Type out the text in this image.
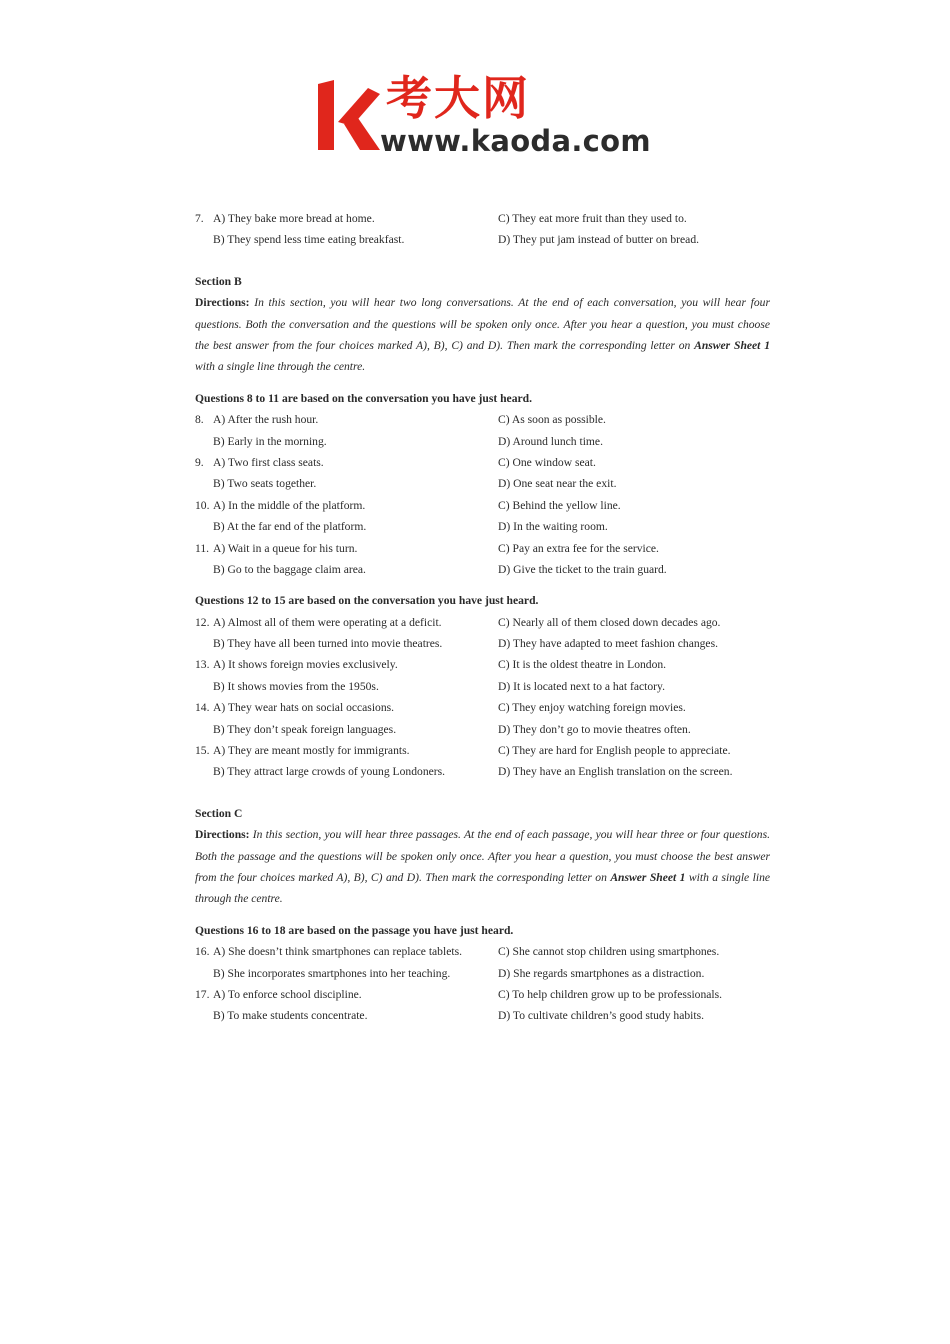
考大网
www.kaoda.com
7. A) They bake more bread at home.	C) They eat more fruit than they used to.
B) They spend less time eating breakfast.	D) They put jam instead of butter on bread.
Section B
Directions: In this section, you will hear two long conversations. At the end of each conversation, you will hear four questions. Both the conversation and the questions will be spoken only once. After you hear a question, you must choose the best answer from the four choices marked A), B), C) and D). Then mark the corresponding letter on Answer Sheet 1 with a single line through the centre.
Questions 8 to 11 are based on the conversation you have just heard.
8. A) After the rush hour.	C) As soon as possible.
B) Early in the morning.	D) Around lunch time.
9. A) Two first class seats.	C) One window seat.
B) Two seats together.	D) One seat near the exit.
10. A) In the middle of the platform.	C) Behind the yellow line.
B) At the far end of the platform.	D) In the waiting room.
11. A) Wait in a queue for his turn.	C) Pay an extra fee for the service.
B) Go to the baggage claim area.	D) Give the ticket to the train guard.
Questions 12 to 15 are based on the conversation you have just heard.
12. A) Almost all of them were operating at a deficit.	C) Nearly all of them closed down decades ago.
B) They have all been turned into movie theatres.	D) They have adapted to meet fashion changes.
13. A) It shows foreign movies exclusively.	C) It is the oldest theatre in London.
B) It shows movies from the 1950s.	D) It is located next to a hat factory.
14. A) They wear hats on social occasions.	C) They enjoy watching foreign movies.
B) They don’t speak foreign languages.	D) They don’t go to movie theatres often.
15. A) They are meant mostly for immigrants.	C) They are hard for English people to appreciate.
B) They attract large crowds of young Londoners.	D) They have an English translation on the screen.
Section C
Directions: In this section, you will hear three passages. At the end of each passage, you will hear three or four questions. Both the passage and the questions will be spoken only once. After you hear a question, you must choose the best answer from the four choices marked A), B), C) and D). Then mark the corresponding letter on Answer Sheet 1 with a single line through the centre.
Questions 16 to 18 are based on the passage you have just heard.
16. A) She doesn’t think smartphones can replace tablets.	C) She cannot stop children using smartphones.
B) She incorporates smartphones into her teaching.	D) She regards smartphones as a distraction.
17. A) To enforce school discipline.	C) To help children grow up to be professionals.
B) To make students concentrate.	D) To cultivate children’s good study habits.
